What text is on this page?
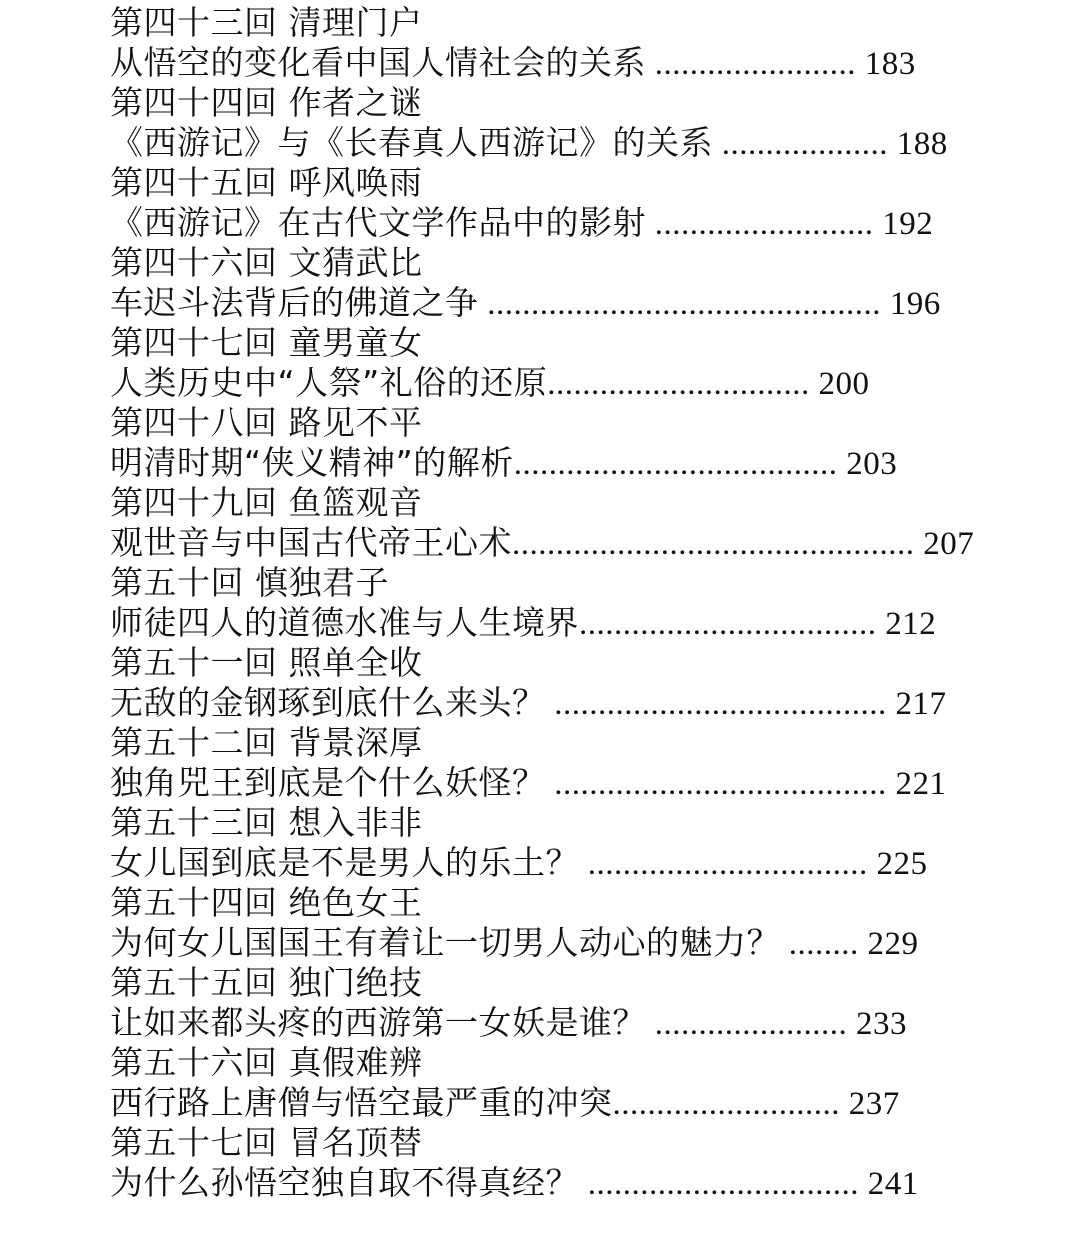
第四十三回 清理门户
从悟空的变化看中国人情社会的关系 ....................... 183
第四十四回 作者之谜
《西游记》与《长春真人西游记》的关系 ................... 188
第四十五回 呼风唤雨
《西游记》在古代文学作品中的影射 ......................... 192
第四十六回 文猜武比
车迟斗法背后的佛道之争 ............................................. 196
第四十七回 童男童女
人类历史中“人祭”礼俗的还原.............................. 200
第四十八回 路见不平
明清时期“侠义精神”的解析..................................... 203
第四十九回 鱼篮观音
观世音与中国古代帝王心术.............................................. 207
第五十回 慎独君子
师徒四人的道德水准与人生境界.................................. 212
第五十一回 照单全收
无敌的金钢琢到底什么来头？ ...................................... 217
第五十二回 背景深厚
独角兕王到底是个什么妖怪？ ...................................... 221
第五十三回 想入非非
女儿国到底是不是男人的乐土？ ................................ 225
第五十四回 绝色女王
为何女儿国国王有着让一切男人动心的魅力？ ........ 229
第五十五回 独门绝技
让如来都头疼的西游第一女妖是谁？ ...................... 233
第五十六回 真假难辨
西行路上唐僧与悟空最严重的冲突.......................... 237
第五十七回 冒名顶替
为什么孙悟空独自取不得真经？ ............................... 241
